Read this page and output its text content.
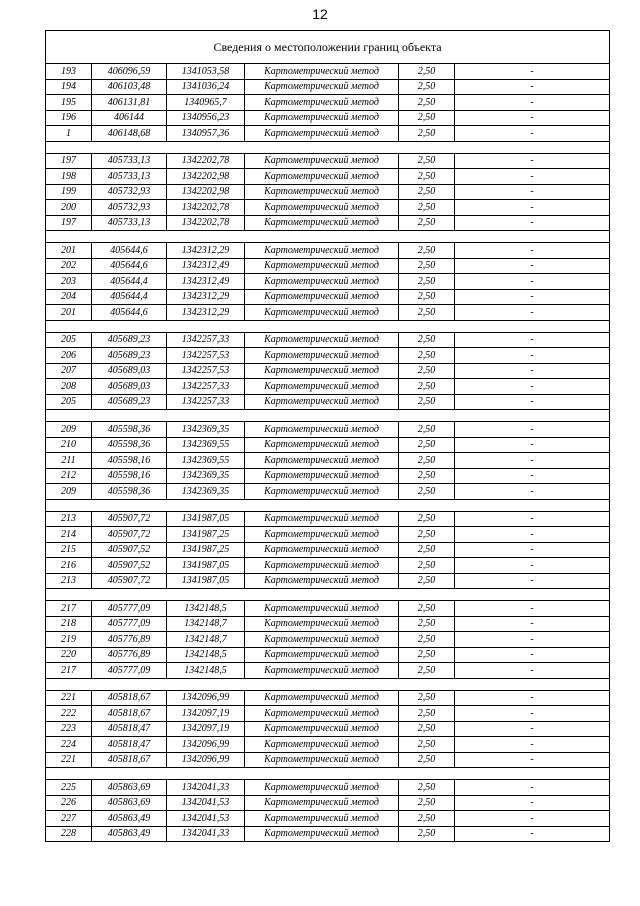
12
Сведения о местоположении границ объекта					
193	406096,59	1341053,58	Картометрический метод	2,50	-
194	406103,48	1341036,24	Картометрический метод	2,50	-
195	406131,81	1340965,7	Картометрический метод	2,50	-
196	406144	1340956,23	Картометрический метод	2,50	-
1	406148,68	1340957,36	Картометрический метод	2,50	-

197	405733,13	1342202,78	Картометрический метод	2,50	-
198	405733,13	1342202,98	Картометрический метод	2,50	-
199	405732,93	1342202,98	Картометрический метод	2,50	-
200	405732,93	1342202,78	Картометрический метод	2,50	-
197	405733,13	1342202,78	Картометрический метод	2,50	-

201	405644,6	1342312,29	Картометрический метод	2,50	-
202	405644,6	1342312,49	Картометрический метод	2,50	-
203	405644,4	1342312,49	Картометрический метод	2,50	-
204	405644,4	1342312,29	Картометрический метод	2,50	-
201	405644,6	1342312,29	Картометрический метод	2,50	-

205	405689,23	1342257,33	Картометрический метод	2,50	-
206	405689,23	1342257,53	Картометрический метод	2,50	-
207	405689,03	1342257,53	Картометрический метод	2,50	-
208	405689,03	1342257,33	Картометрический метод	2,50	-
205	405689,23	1342257,33	Картометрический метод	2,50	-

209	405598,36	1342369,35	Картометрический метод	2,50	-
210	405598,36	1342369,55	Картометрический метод	2,50	-
211	405598,16	1342369,55	Картометрический метод	2,50	-
212	405598,16	1342369,35	Картометрический метод	2,50	-
209	405598,36	1342369,35	Картометрический метод	2,50	-

213	405907,72	1341987,05	Картометрический метод	2,50	-
214	405907,72	1341987,25	Картометрический метод	2,50	-
215	405907,52	1341987,25	Картометрический метод	2,50	-
216	405907,52	1341987,05	Картометрический метод	2,50	-
213	405907,72	1341987,05	Картометрический метод	2,50	-

217	405777,09	1342148,5	Картометрический метод	2,50	-
218	405777,09	1342148,7	Картометрический метод	2,50	-
219	405776,89	1342148,7	Картометрический метод	2,50	-
220	405776,89	1342148,5	Картометрический метод	2,50	-
217	405777,09	1342148,5	Картометрический метод	2,50	-

221	405818,67	1342096,99	Картометрический метод	2,50	-
222	405818,67	1342097,19	Картометрический метод	2,50	-
223	405818,47	1342097,19	Картометрический метод	2,50	-
224	405818,47	1342096,99	Картометрический метод	2,50	-
221	405818,67	1342096,99	Картометрический метод	2,50	-

225	405863,69	1342041,33	Картометрический метод	2,50	-
226	405863,69	1342041,53	Картометрический метод	2,50	-
227	405863,49	1342041,53	Картометрический метод	2,50	-
228	405863,49	1342041,33	Картометрический метод	2,50	-
